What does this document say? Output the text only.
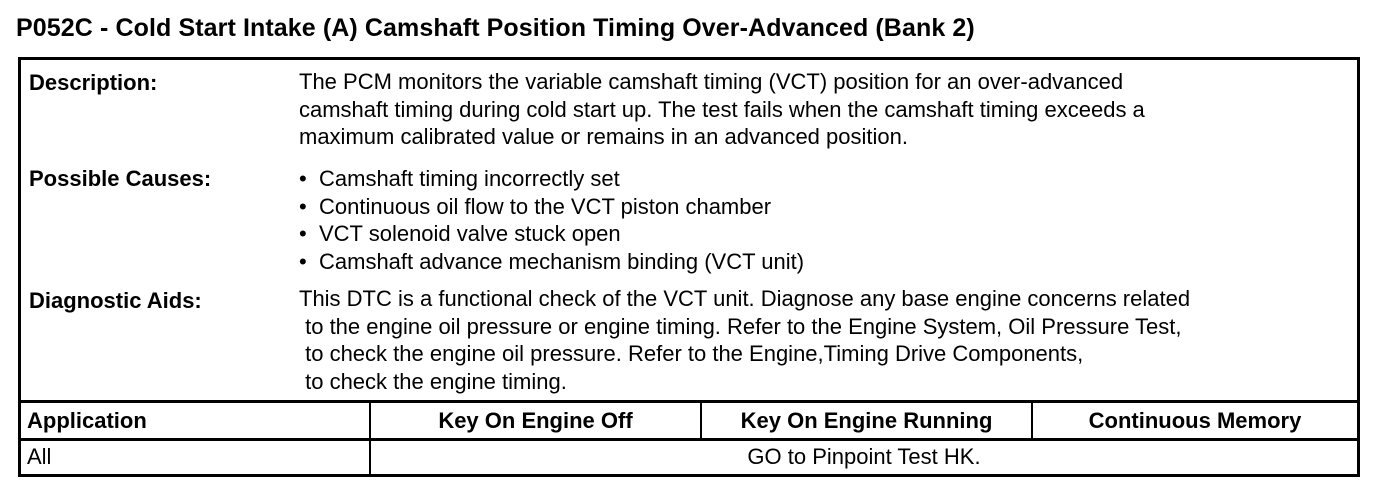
P052C - Cold Start Intake (A) Camshaft Position Timing Over-Advanced (Bank 2)
Description:	The PCM monitors the variable camshaft timing (VCT) position for an over-advanced
camshaft timing during cold start up. The test fails when the camshaft timing exceeds a
maximum calibrated value or remains in an advanced position.
Possible Causes:	• Camshaft timing incorrectly set
• Continuous oil flow to the VCT piston chamber
• VCT solenoid valve stuck open
• Camshaft advance mechanism binding (VCT unit)
Diagnostic Aids:	This DTC is a functional check of the VCT unit. Diagnose any base engine concerns related
to the engine oil pressure or engine timing. Refer to the Engine System, Oil Pressure Test,
to check the engine oil pressure. Refer to the Engine,Timing Drive Components,
to check the engine timing.
Application	Key On Engine Off	Key On Engine Running	Continuous Memory
All	GO to Pinpoint Test HK.		
